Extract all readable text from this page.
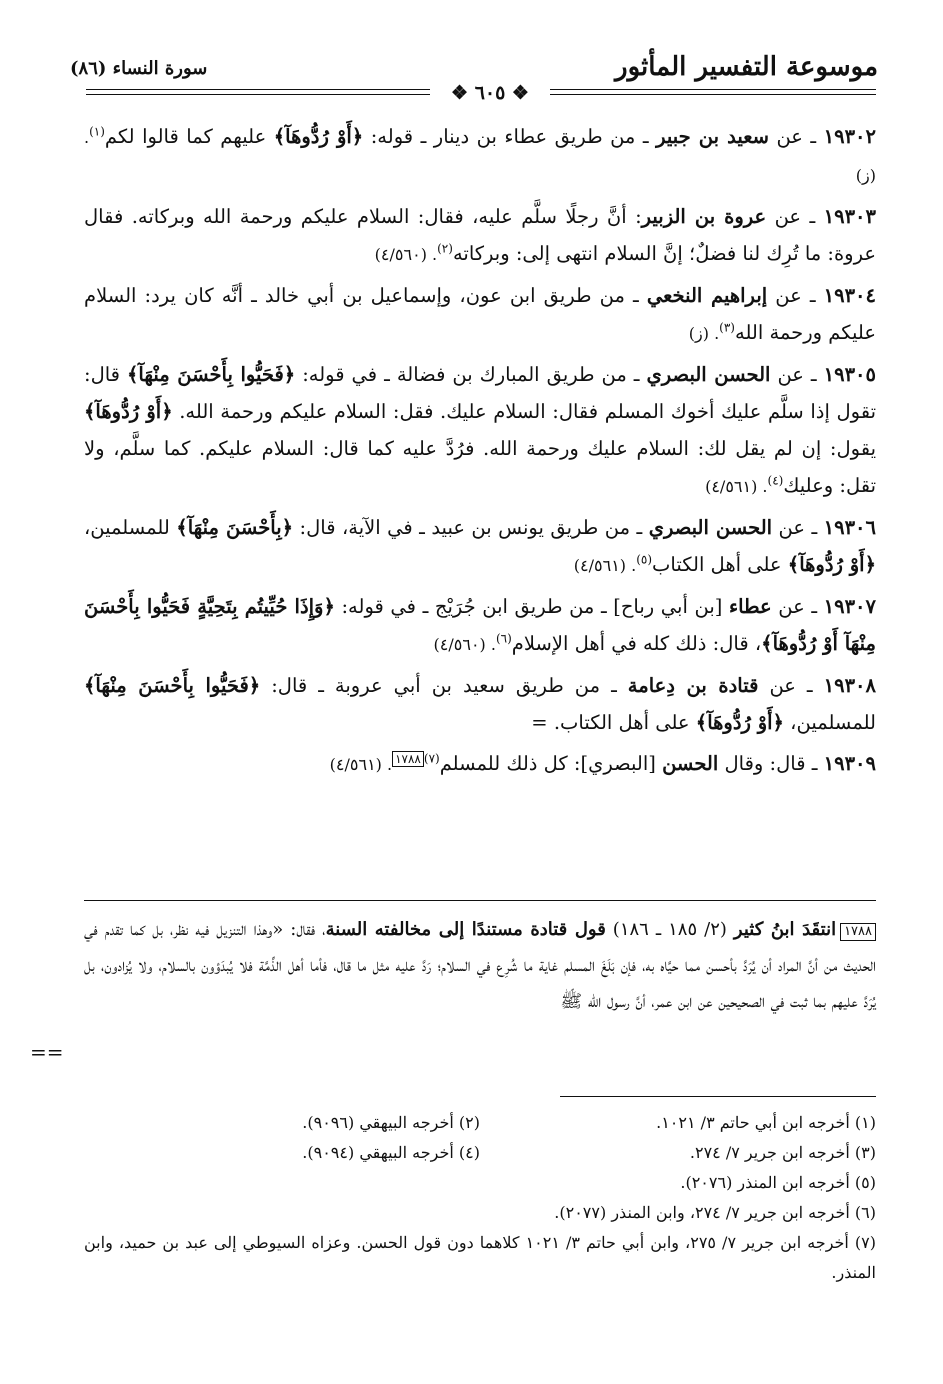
موسوعة التفسير المأثور
سورة النساء (٨٦)
❖ ٦٠٥ ❖

١٩٣٠٢ ـ عن سعيد بن جبير ـ من طريق عطاء بن دينار ـ قوله: ﴿أَوْ رُدُّوهَآ﴾ عليهم كما قالوا لكم$^{(١)}$. (ز)

١٩٣٠٣ ـ عن عروة بن الزبير: أنَّ رجلًا سلَّم عليه، فقال: السلام عليكم ورحمة الله وبركاته. فقال عروة: ما تُرِك لنا فضلٌ؛ إنَّ السلام انتهى إلى: وبركاته$^{(٢)}$. (٤/٥٦٠)

١٩٣٠٤ ـ عن إبراهيم النخعي ـ من طريق ابن عون، وإسماعيل بن أبي خالد ـ أنَّه كان يرد: السلام عليكم ورحمة الله$^{(٣)}$. (ز)

١٩٣٠٥ ـ عن الحسن البصري ـ من طريق المبارك بن فضالة ـ في قوله: ﴿فَحَيُّوا بِأَحْسَنَ مِنْهَآ﴾ قال: تقول إذا سلَّم عليك أخوك المسلم فقال: السلام عليك. فقل: السلام عليكم ورحمة الله. ﴿أَوْ رُدُّوهَآ﴾ يقول: إن لم يقل لك: السلام عليك ورحمة الله. فرُدَّ عليه كما قال: السلام عليكم. كما سلَّم، ولا تقل: وعليك$^{(٤)}$. (٤/٥٦١)

١٩٣٠٦ ـ عن الحسن البصري ـ من طريق يونس بن عبيد ـ في الآية، قال: ﴿بِأَحْسَنَ مِنْهَآ﴾ للمسلمين، ﴿أَوْ رُدُّوهَآ﴾ على أهل الكتاب$^{(٥)}$. (٤/٥٦١)

١٩٣٠٧ ـ عن عطاء [بن أبي رباح] ـ من طريق ابن جُرَيْج ـ في قوله: ﴿وَإِذَا حُيِّيتُم بِتَحِيَّةٍ فَحَيُّوا بِأَحْسَنَ مِنْهَآ أَوْ رُدُّوهَآ﴾، قال: ذلك كله في أهل الإسلام$^{(٦)}$. (٤/٥٦٠)

١٩٣٠٨ ـ عن قتادة بن دِعامة ـ من طريق سعيد بن أبي عروبة ـ قال: ﴿فَحَيُّوا بِأَحْسَنَ مِنْهَآ﴾ للمسلمين، ﴿أَوْ رُدُّوهَآ﴾ على أهل الكتاب. =

١٩٣٠٩ ـ قال: وقال الحسن [البصري]: كل ذلك للمسلم$^{(٧)}$١٧٨٨. (٤/٥٦١)

١٧٨٨انتقَدَ ابنُ كثير (٢/ ١٨٥ ـ ١٨٦) قول قتادة مستندًا إلى مخالفته السنة، فقال: «وهذا التنزيل فيه نظر، بل كما تقدم في الحديث من أنَّ المراد أن يُرَدَّ بأحسن مما حيَّاه به، فإن بَلَغَ المسلم غاية ما شُرِع في السلام؛ رَدَّ عليه مثل ما قال، فأما أهل الذِّمَّة فلا يُبدَؤون بالسلام، ولا يُزادون، بل يُرَدَّ عليهم بما ثبت في الصحيحين عن ابن عمر، أنَّ رسول الله ﷺ
==
(١) أخرجه ابن أبي حاتم ٣/ ١٠٢١.
(٢) أخرجه البيهقي (٩٠٩٦).
(٣) أخرجه ابن جرير ٧/ ٢٧٤.
(٤) أخرجه البيهقي (٩٠٩٤).
(٥) أخرجه ابن المنذر (٢٠٧٦).
(٦) أخرجه ابن جرير ٧/ ٢٧٤، وابن المنذر (٢٠٧٧).
(٧) أخرجه ابن جرير ٧/ ٢٧٥، وابن أبي حاتم ٣/ ١٠٢١ كلاهما دون قول الحسن. وعزاه السيوطي إلى عبد بن حميد، وابن المنذر.
